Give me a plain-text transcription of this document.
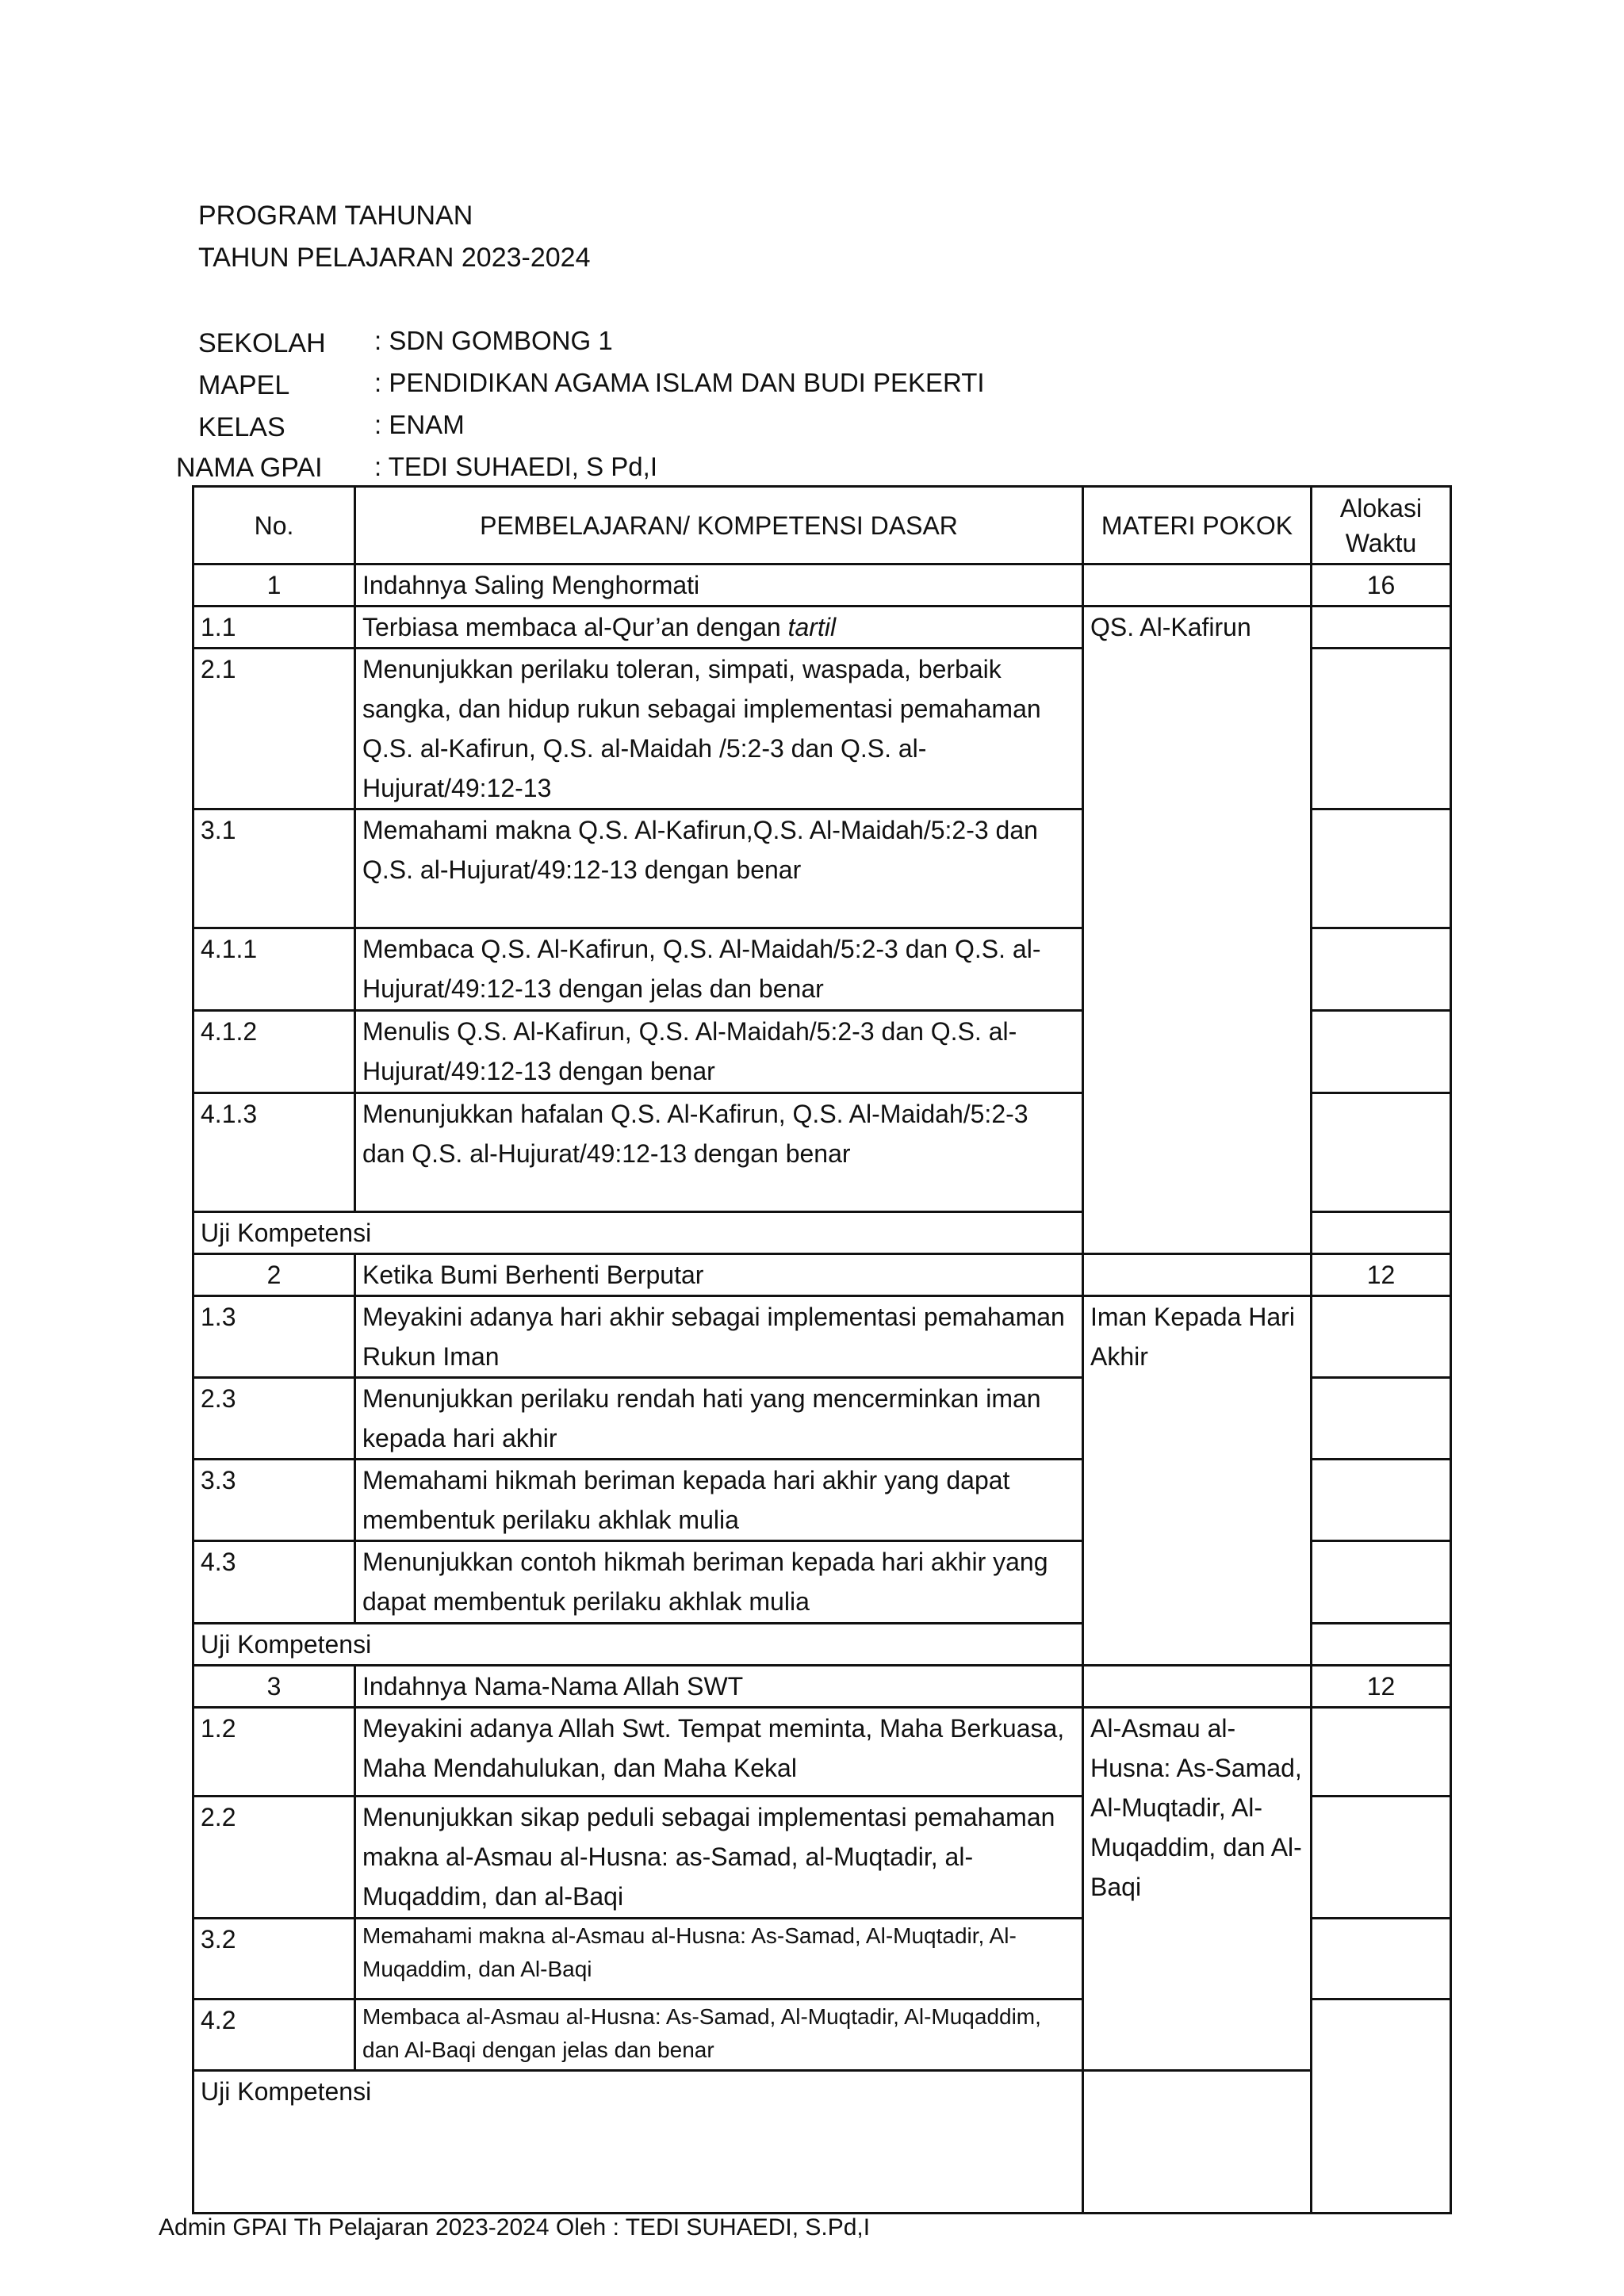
PROGRAM TAHUNAN
TAHUN PELAJARAN 2023-2024
SEKOLAH : SDN GOMBONG 1
MAPEL	: PENDIDIKAN AGAMA ISLAM DAN BUDI PEKERTI
KELAS	: ENAM
NAMA GPAI : TEDI SUHAEDI, S Pd,I
No.	PEMBELAJARAN/ KOMPETENSI DASAR	MATERI POKOK	Alokasi
Waktu
1	Indahnya Saling Menghormati		16
1.1	Terbiasa membaca al-Qur’an dengan tartil	QS. Al-Kafirun	
2.1	Menunjukkan perilaku toleran, simpati, waspada, berbaik sangka, dan hidup rukun sebagai implementasi pemahaman Q.S. al-Kafirun, Q.S. al-Maidah /5:2-3 dan Q.S. al- Hujurat/49:12-13		
3.1	Memahami makna Q.S. Al-Kafirun,Q.S. Al-Maidah/5:2-3 dan Q.S. al-Hujurat/49:12-13 dengan benar		
4.1.1	Membaca Q.S. Al-Kafirun, Q.S. Al-Maidah/5:2-3 dan Q.S. al-Hujurat/49:12-13 dengan jelas dan benar		
4.1.2	Menulis Q.S. Al-Kafirun, Q.S. Al-Maidah/5:2-3 dan Q.S. al-Hujurat/49:12-13 dengan benar		
4.1.3	Menunjukkan hafalan Q.S. Al-Kafirun, Q.S. Al-Maidah/5:2-3 dan Q.S. al-Hujurat/49:12-13 dengan benar		
Uji Kompetensi			
2	Ketika Bumi Berhenti Berputar		12
1.3	Meyakini adanya hari akhir sebagai implementasi pemahaman Rukun Iman	Iman Kepada Hari Akhir	
2.3	Menunjukkan perilaku rendah hati yang mencerminkan iman kepada hari akhir		
3.3	Memahami hikmah beriman kepada hari akhir yang dapat membentuk perilaku akhlak mulia		
4.3	Menunjukkan contoh hikmah beriman kepada hari akhir yang dapat membentuk perilaku akhlak mulia		
Uji Kompetensi			
3	Indahnya Nama-Nama Allah SWT		12
1.2	Meyakini adanya Allah Swt. Tempat meminta, Maha Berkuasa, Maha Mendahulukan, dan Maha Kekal	Al-Asmau al-Husna: As-Samad, Al-Muqtadir, Al-Muqaddim, dan Al-Baqi	
2.2	Menunjukkan sikap peduli sebagai implementasi pemahaman makna al-Asmau al-Husna: as-Samad, al-Muqtadir, al-Muqaddim, dan al-Baqi		
3.2	Memahami makna al-Asmau al-Husna: As-Samad, Al-Muqtadir, Al-Muqaddim, dan Al-Baqi		
4.2	Membaca al-Asmau al-Husna: As-Samad, Al-Muqtadir, Al-Muqaddim, dan Al-Baqi dengan jelas dan benar		
Uji Kompetensi			
Admin GPAI Th Pelajaran 2023-2024 Oleh : TEDI SUHAEDI, S.Pd,I
